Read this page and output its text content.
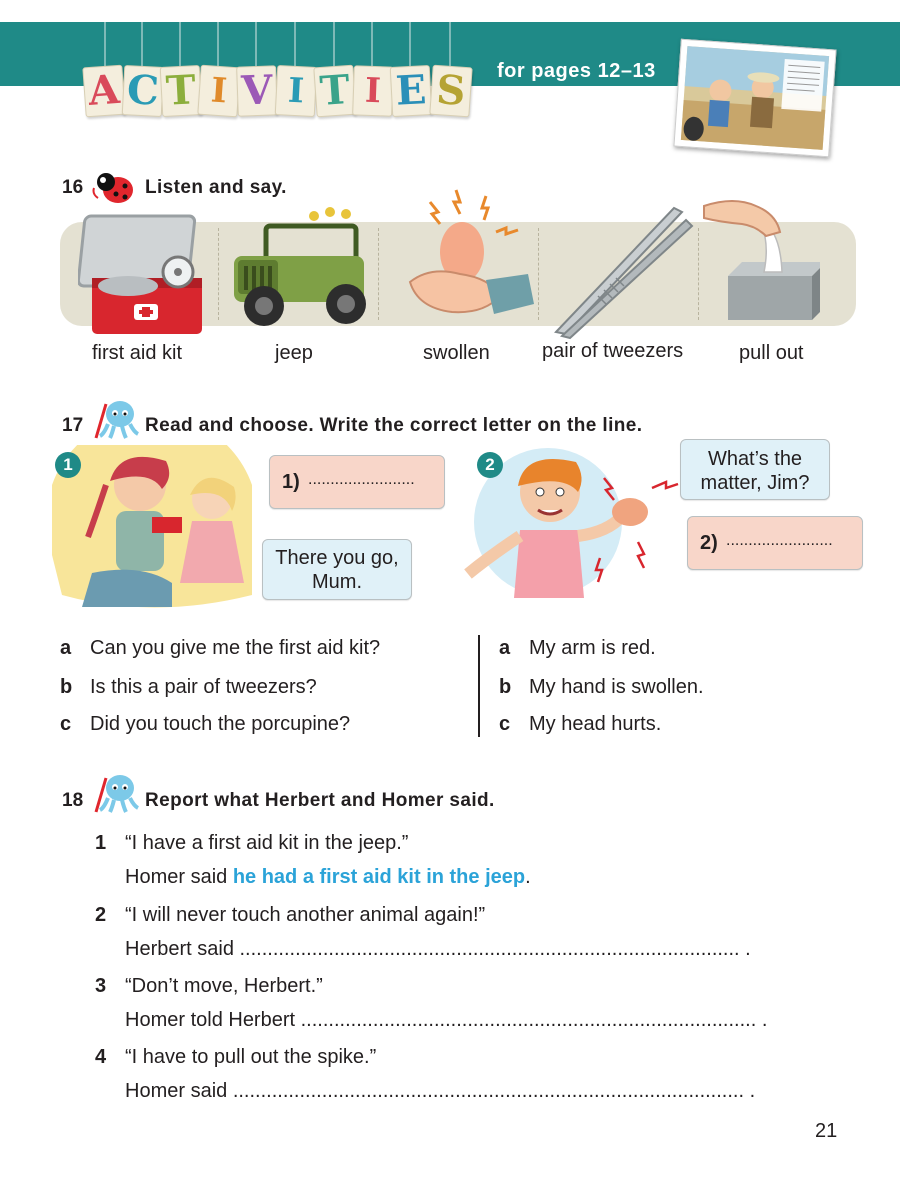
A C T I V I T I E S for pages 12–13
16	Listen and say.
first aid kit	jeep	swollen	pair of tweezers	pull out
17	Read and choose. Write the correct letter on the line.
1
1) ........................
There you go,
Mum.
2	What’s the
matter, Jim?
2) ........................
a Can you give me the first aid kit?
b Is this a pair of tweezers?
c Did you touch the porcupine?
a My arm is red.
b My hand is swollen.
c My head hurts.
18	Report what Herbert and Homer said.
1 “I have a first aid kit in the jeep.”
Homer said he had a first aid kit in the jeep.
2 “I will never touch another animal again!”
Herbert said .......................................................................................... .
3 “Don’t move, Herbert.”
Homer told Herbert .................................................................................. .
4 “I have to pull out the spike.”
Homer said ............................................................................................ .
21
